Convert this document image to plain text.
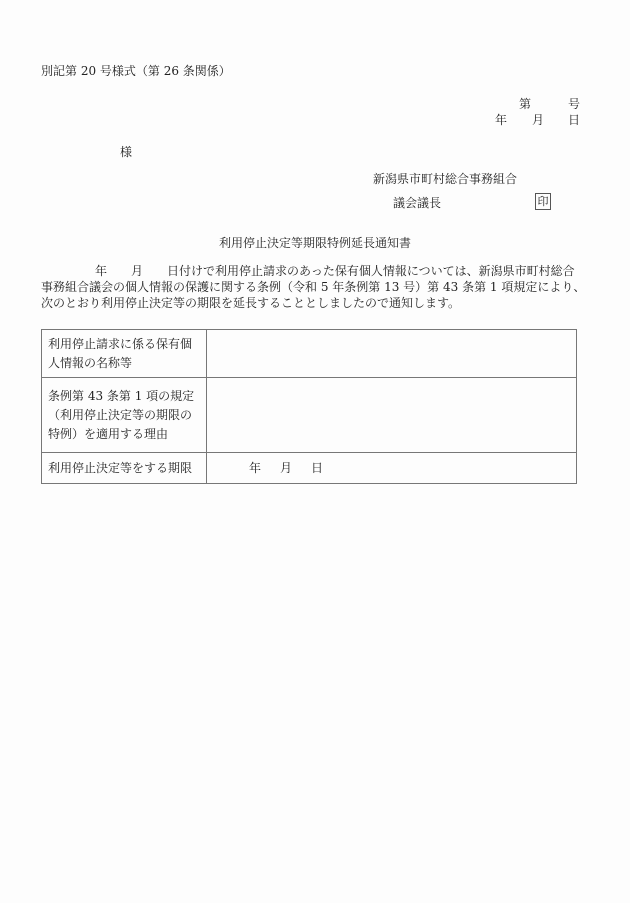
別記第 20 号様式（第 26 条関係）
第	号
年 月 日
様
新潟県市町村総合事務組合
議会議長	印
利用停止決定等期限特例延長通知書
年 月 日付けで利用停止請求のあった保有個人情報については、新潟県市町村総合
事務組合議会の個人情報の保護に関する条例（令和 5 年条例第 13 号）第 43 条第 1 項規定により、
次のとおり利用停止決定等の期限を延長することとしましたので通知します。
利用停止請求に係る保有個
人情報の名称等	

条例第 43 条第 1 項の規定
（利用停止決定等の期限の
特例）を適用する理由	

利用停止決定等をする期限	年 月 日
